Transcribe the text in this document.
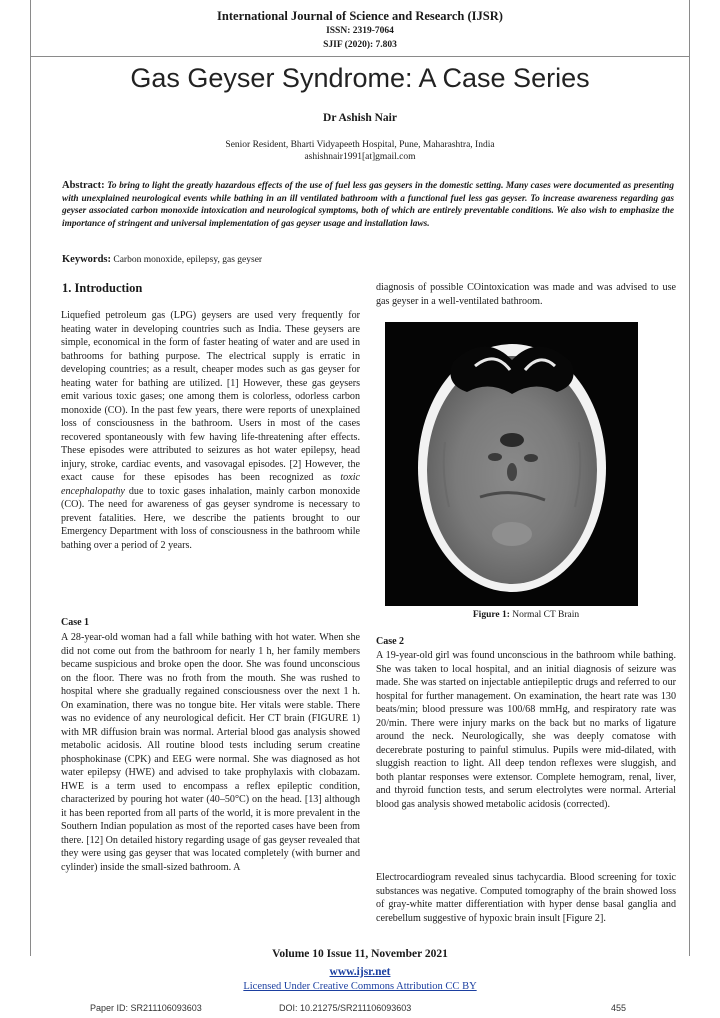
International Journal of Science and Research (IJSR)
ISSN: 2319-7064
SJIF (2020): 7.803
Gas Geyser Syndrome: A Case Series
Dr Ashish Nair
Senior Resident, Bharti Vidyapeeth Hospital, Pune, Maharashtra, India
ashishnair1991[at]gmail.com
Abstract: To bring to light the greatly hazardous effects of the use of fuel less gas geysers in the domestic setting. Many cases were documented as presenting with unexplained neurological events while bathing in an ill ventilated bathroom with a functional fuel less gas geyser. To increase awareness regarding gas geyser associated carbon monoxide intoxication and neurological symptoms, both of which are entirely preventable conditions. We also wish to emphasize the importance of stringent and universal implementation of gas geyser usage and installation laws.
Keywords: Carbon monoxide, epilepsy, gas geyser
1. Introduction

Liquefied petroleum gas (LPG) geysers are used very frequently for heating water in developing countries such as India. These geysers are simple, economical in the form of faster heating of water and are used in bathrooms for bathing purpose. The electrical supply is erratic in developing countries; as a result, cheaper modes such as gas geyser for heating water for bathing are utilized. [1] However, these gas geysers emit various toxic gases; one among them is colorless, odorless carbon monoxide (CO). In the past few years, there were reports of unexplained loss of consciousness in the bathroom. Users in most of the cases recovered spontaneously with few having life-threatening after effects. These episodes were attributed to seizures as hot water epilepsy, head injury, stroke, cardiac events, and vasovagal episodes. [2] However, the exact cause for these episodes has been recognized as toxic encephalopathy due to toxic gases inhalation, mainly carbon monoxide (CO). The need for awareness of gas geyser syndrome is necessary to prevent fatalities. Here, we describe the patients brought to our Emergency Department with loss of consciousness in the bathroom while bathing over a period of 2 years.

Case 1

A 28-year-old woman had a fall while bathing with hot water. When she did not come out from the bathroom for nearly 1 h, her family members became suspicious and broke open the door. She was found unconscious on the floor. There was no froth from the mouth. She was rushed to hospital where she gradually regained consciousness over the next 1 h. On examination, there was no tongue bite. Her vitals were stable. There was no evidence of any neurological deficit. Her CT brain (FIGURE 1) with MR diffusion brain was normal. Arterial blood gas analysis showed metabolic acidosis. All routine blood tests including serum creatine phosphokinase (CPK) and EEG were normal. She was diagnosed as hot water epilepsy (HWE) and advised to take prophylaxis with clobazam. HWE is a term used to encompass a reflex epileptic condition, characterized by pouring hot water (40–50°C) on the head. [13] although it has been reported from all parts of the world, it is more prevalent in the Southern Indian population as most of the reported cases have been from there. [12] On detailed history regarding usage of gas geyser revealed that they were using gas geyser that was located completely (with burner and cylinder) inside the small-sized bathroom. A

diagnosis of possible COintoxication was made and was advised to use gas geyser in a well-ventilated bathroom.

Figure 1: Normal CT Brain
Case 2

A 19-year-old girl was found unconscious in the bathroom while bathing. She was taken to local hospital, and an initial diagnosis of seizure was made. She was started on injectable antiepileptic drugs and referred to our hospital for further management. On examination, the heart rate was 130 beats/min; blood pressure was 100/68 mmHg, and respiratory rate was 20/min. There were injury marks on the back but no marks of ligature around the neck. Neurologically, she was deeply comatose with decerebrate posturing to painful stimulus. Pupils were mid-dilated, with sluggish reaction to light. All deep tendon reflexes were sluggish, and both plantar responses were extensor. Complete hemogram, renal, liver, and thyroid function tests, and serum electrolytes were normal. Arterial blood gas analysis showed metabolic acidosis (corrected).

Electrocardiogram revealed sinus tachycardia. Blood screening for toxic substances was negative. Computed tomography of the brain showed loss of gray-white matter differentiation with hyper dense basal ganglia and cerebellum suggestive of hypoxic brain insult [Figure 2].

Volume 10 Issue 11, November 2021
www.ijsr.net
Licensed Under Creative Commons Attribution CC BY
Paper ID: SR211106093603	DOI: 10.21275/SR211106093603	455
